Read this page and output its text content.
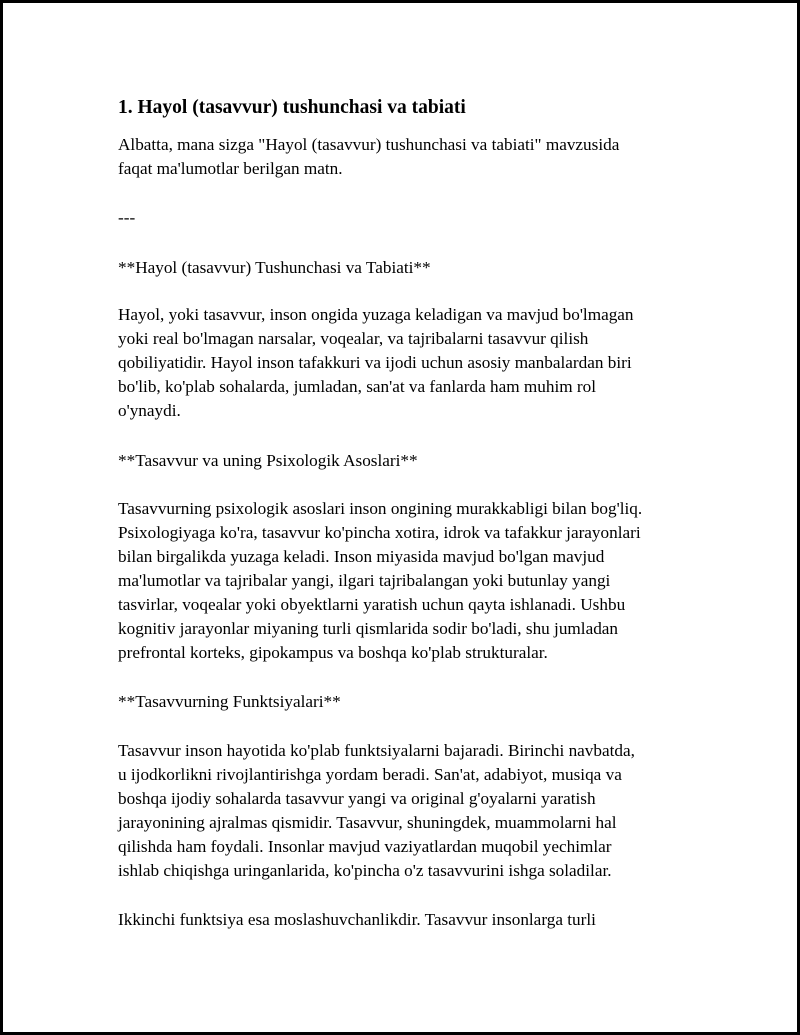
1. Hayol (tasavvur) tushunchasi va tabiati

Albatta, mana sizga "Hayol (tasavvur) tushunchasi va tabiati" mavzusida
faqat ma'lumotlar berilgan matn.

---

**Hayol (tasavvur) Tushunchasi va Tabiati**

Hayol, yoki tasavvur, inson ongida yuzaga keladigan va mavjud bo'lmagan
yoki real bo'lmagan narsalar, voqealar, va tajribalarni tasavvur qilish
qobiliyatidir. Hayol inson tafakkuri va ijodi uchun asosiy manbalardan biri
bo'lib, ko'plab sohalarda, jumladan, san'at va fanlarda ham muhim rol
o'ynaydi.

**Tasavvur va uning Psixologik Asoslari**

Tasavvurning psixologik asoslari inson ongining murakkabligi bilan bog'liq.
Psixologiyaga ko'ra, tasavvur ko'pincha xotira, idrok va tafakkur jarayonlari
bilan birgalikda yuzaga keladi. Inson miyasida mavjud bo'lgan mavjud
ma'lumotlar va tajribalar yangi, ilgari tajribalangan yoki butunlay yangi
tasvirlar, voqealar yoki obyektlarni yaratish uchun qayta ishlanadi. Ushbu
kognitiv jarayonlar miyaning turli qismlarida sodir bo'ladi, shu jumladan
prefrontal korteks, gipokampus va boshqa ko'plab strukturalar.

**Tasavvurning Funktsiyalari**

Tasavvur inson hayotida ko'plab funktsiyalarni bajaradi. Birinchi navbatda,
u ijodkorlikni rivojlantirishga yordam beradi. San'at, adabiyot, musiqa va
boshqa ijodiy sohalarda tasavvur yangi va original g'oyalarni yaratish
jarayonining ajralmas qismidir. Tasavvur, shuningdek, muammolarni hal
qilishda ham foydali. Insonlar mavjud vaziyatlardan muqobil yechimlar
ishlab chiqishga uringanlarida, ko'pincha o'z tasavvurini ishga soladilar.

Ikkinchi funktsiya esa moslashuvchanlikdir. Tasavvur insonlarga turli
